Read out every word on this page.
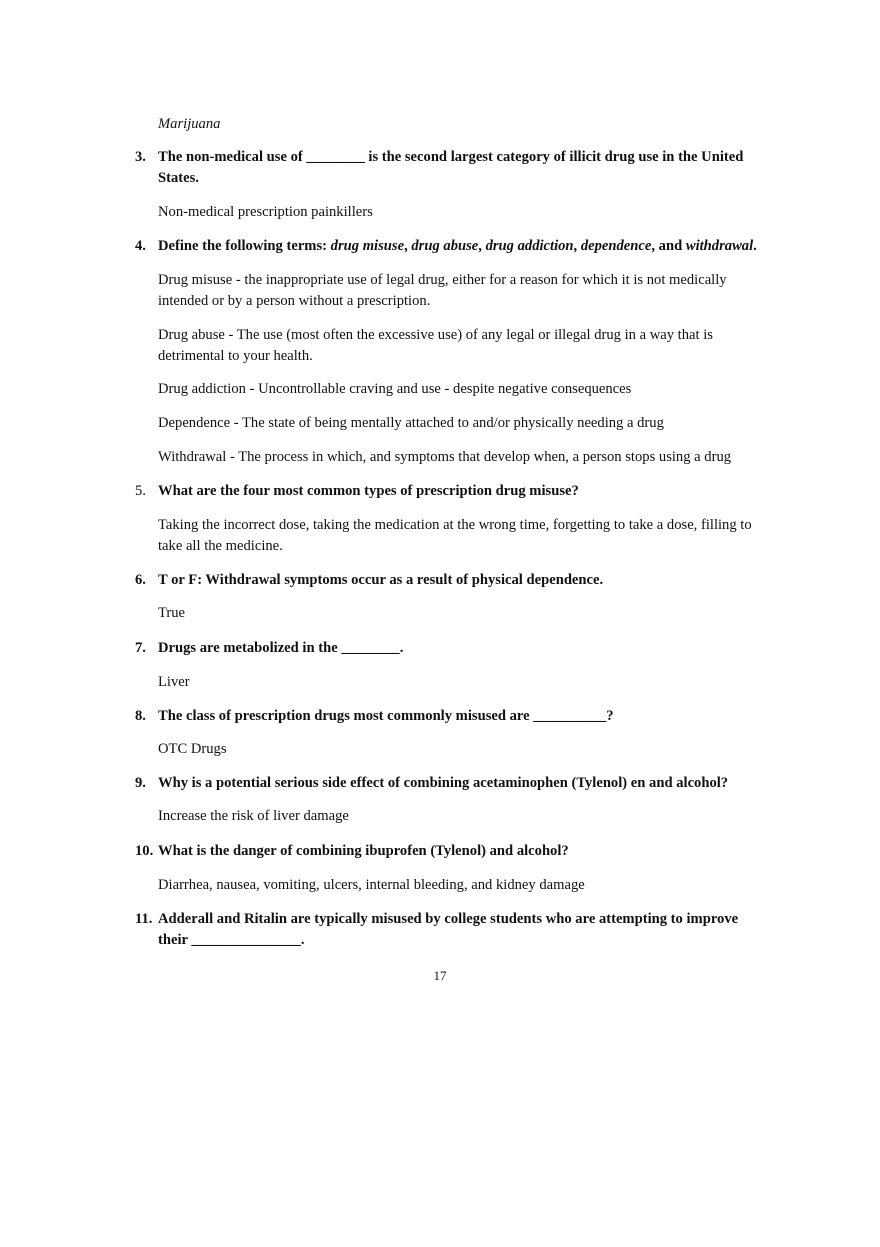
Marijuana
3. The non-medical use of ________ is the second largest category of illicit drug use in the United States.
Non-medical prescription painkillers
4. Define the following terms: drug misuse, drug abuse, drug addiction, dependence, and withdrawal.
Drug misuse - the inappropriate use of legal drug, either for a reason for which it is not medically intended or by a person without a prescription.
Drug abuse - The use (most often the excessive use) of any legal or illegal drug in a way that is detrimental to your health.
Drug addiction - Uncontrollable craving and use - despite negative consequences
Dependence - The state of being mentally attached to and/or physically needing a drug
Withdrawal - The process in which, and symptoms that develop when, a person stops using a drug
5. What are the four most common types of prescription drug misuse?
Taking the incorrect dose, taking the medication at the wrong time, forgetting to take a dose, filling to take all the medicine.
6. T or F: Withdrawal symptoms occur as a result of physical dependence.
True
7. Drugs are metabolized in the ________.
Liver
8. The class of prescription drugs most commonly misused are __________?
OTC Drugs
9. Why is a potential serious side effect of combining acetaminophen (Tylenol) en and alcohol?
Increase the risk of liver damage
10. What is the danger of combining ibuprofen (Tylenol) and alcohol?
Diarrhea, nausea, vomiting, ulcers, internal bleeding, and kidney damage
11. Adderall and Ritalin are typically misused by college students who are attempting to improve their _______________.
17
